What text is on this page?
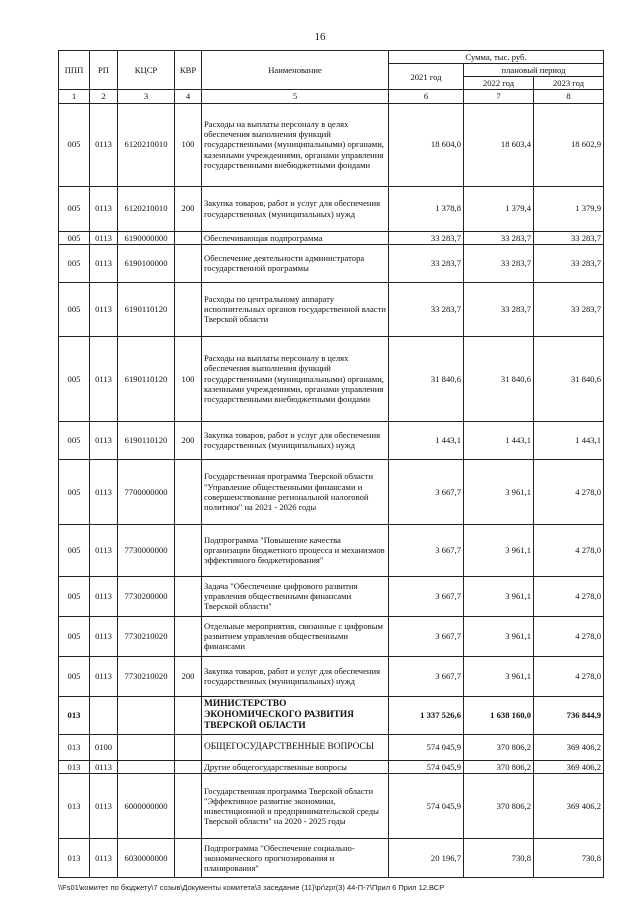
16
ППП	РП	КЦСР	КВР	Наименование	Сумма, тыс. руб.		
					2021 год	плановый период	
						2022 год	2023 год
1	2	3	4	5	6	7	8
005	0113	6120210010	100	Расходы на выплаты персоналу в целях обеспечения выполнения функций государственными (муниципальными) органами, казенными учреждениями, органами управления государственными внебюджетными фондами	18 604,0	18 603,4	18 602,9
005	0113	6120210010	200	Закупка товаров, работ и услуг для обеспечения государственных (муниципальных) нужд	1 378,8	1 379,4	1 379,9
005	0113	6190000000		Обеспечивающая подпрограмма	33 283,7	33 283,7	33 283,7
005	0113	6190100000		Обеспечение деятельности администратора государственной программы	33 283,7	33 283,7	33 283,7
005	0113	6190110120		Расходы по центральному аппарату исполнительных органов государственной власти Тверской области	33 283,7	33 283,7	33 283,7
005	0113	6190110120	100	Расходы на выплаты персоналу в целях обеспечения выполнения функций государственными (муниципальными) органами, казенными учреждениями, органами управления государственными внебюджетными фондами	31 840,6	31 840,6	31 840,6
005	0113	6190110120	200	Закупка товаров, работ и услуг для обеспечения государственных (муниципальных) нужд	1 443,1	1 443,1	1 443,1
005	0113	7700000000		Государственная программа Тверской области "Управление общественными финансами и совершенствование региональной налоговой политики" на 2021 - 2026 годы	3 667,7	3 961,1	4 278,0
005	0113	7730000000		Подпрограмма "Повышение качества организации бюджетного процесса и механизмов эффективного бюджетирования"	3 667,7	3 961,1	4 278,0
005	0113	7730200000		Задача "Обеспечение цифрового развития управления общественными финансами Тверской области"	3 667,7	3 961,1	4 278,0
005	0113	7730210020		Отдельные мероприятия, связанные с цифровым развитием управления общественными финансами	3 667,7	3 961,1	4 278,0
005	0113	7730210020	200	Закупка товаров, работ и услуг для обеспечения государственных (муниципальных) нужд	3 667,7	3 961,1	4 278,0
013				МИНИСТЕРСТВО ЭКОНОМИЧЕСКОГО РАЗВИТИЯ ТВЕРСКОЙ ОБЛАСТИ	1 337 526,6	1 638 160,0	736 844,9
013	0100			ОБЩЕГОСУДАРСТВЕННЫЕ ВОПРОСЫ	574 045,9	370 806,2	369 406,2
013	0113			Другие общегосударственные вопросы	574 045,9	370 806,2	369 406,2
013	0113	6000000000		Государственная программа Тверской области "Эффективное развитие экономики, инвестиционной и предпринимательской среды Тверской области" на 2020 - 2025 годы	574 045,9	370 806,2	369 406,2
013	0113	6030000000		Подпрограмма "Обеспечение социально-экономического прогнозирования и планирования"	20 196,7	730,8	730,8
\\Fs01\комитет по бюджету\7 созыв\Документы комитета\3 заседание (11)\pr\zpr(3) 44-П-7\Прил 6 Прил 12.ВСР
